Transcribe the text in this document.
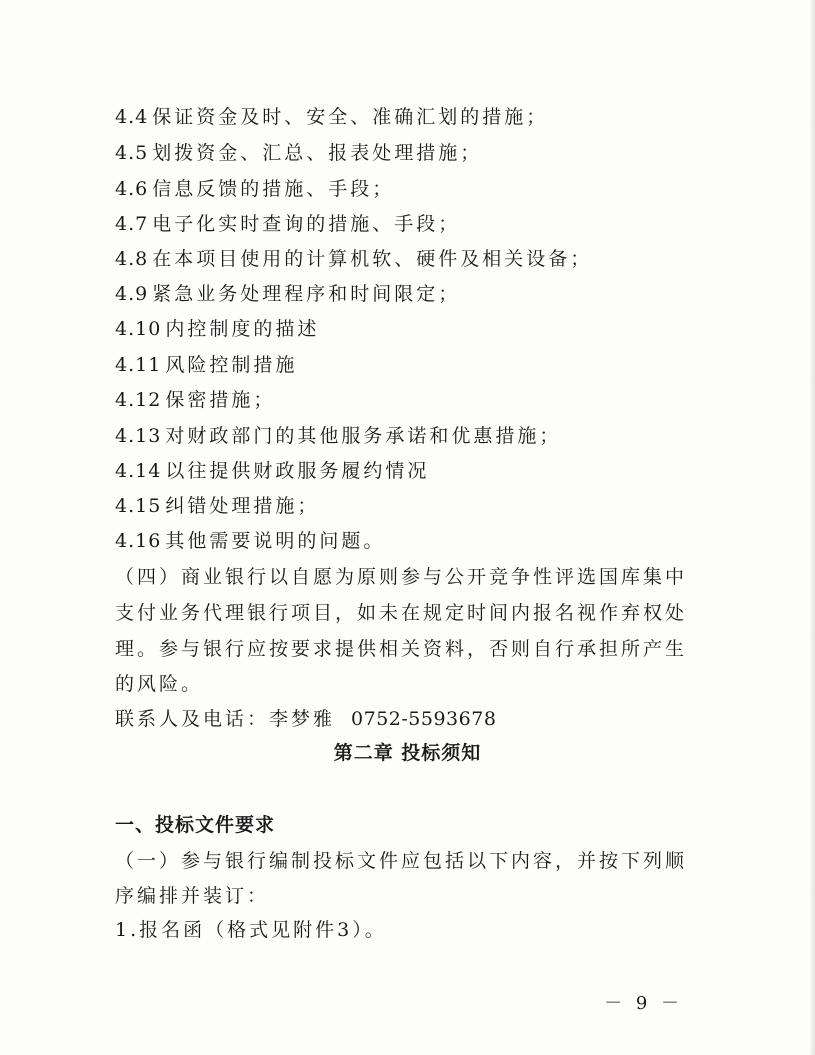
4.4 保证资金及时、安全、准确汇划的措施；
4.5 划拨资金、汇总、报表处理措施；
4.6 信息反馈的措施、手段；
4.7 电子化实时查询的措施、手段；
4.8 在本项目使用的计算机软、硬件及相关设备；
4.9 紧急业务处理程序和时间限定；
4.10 内控制度的描述
4.11 风险控制措施
4.12 保密措施；
4.13 对财政部门的其他服务承诺和优惠措施；
4.14 以往提供财政服务履约情况
4.15 纠错处理措施；
4.16 其他需要说明的问题。
（四）商业银行以自愿为原则参与公开竞争性评选国库集中
支付业务代理银行项目，如未在规定时间内报名视作弃权处
理。参与银行应按要求提供相关资料，否则自行承担所产生
的风险。
联系人及电话：李梦雅 0752-5593678
第二章 投标须知
一、投标文件要求
（一）参与银行编制投标文件应包括以下内容，并按下列顺
序编排并装订：
1.报名函（格式见附件3）。
－ 9 －
